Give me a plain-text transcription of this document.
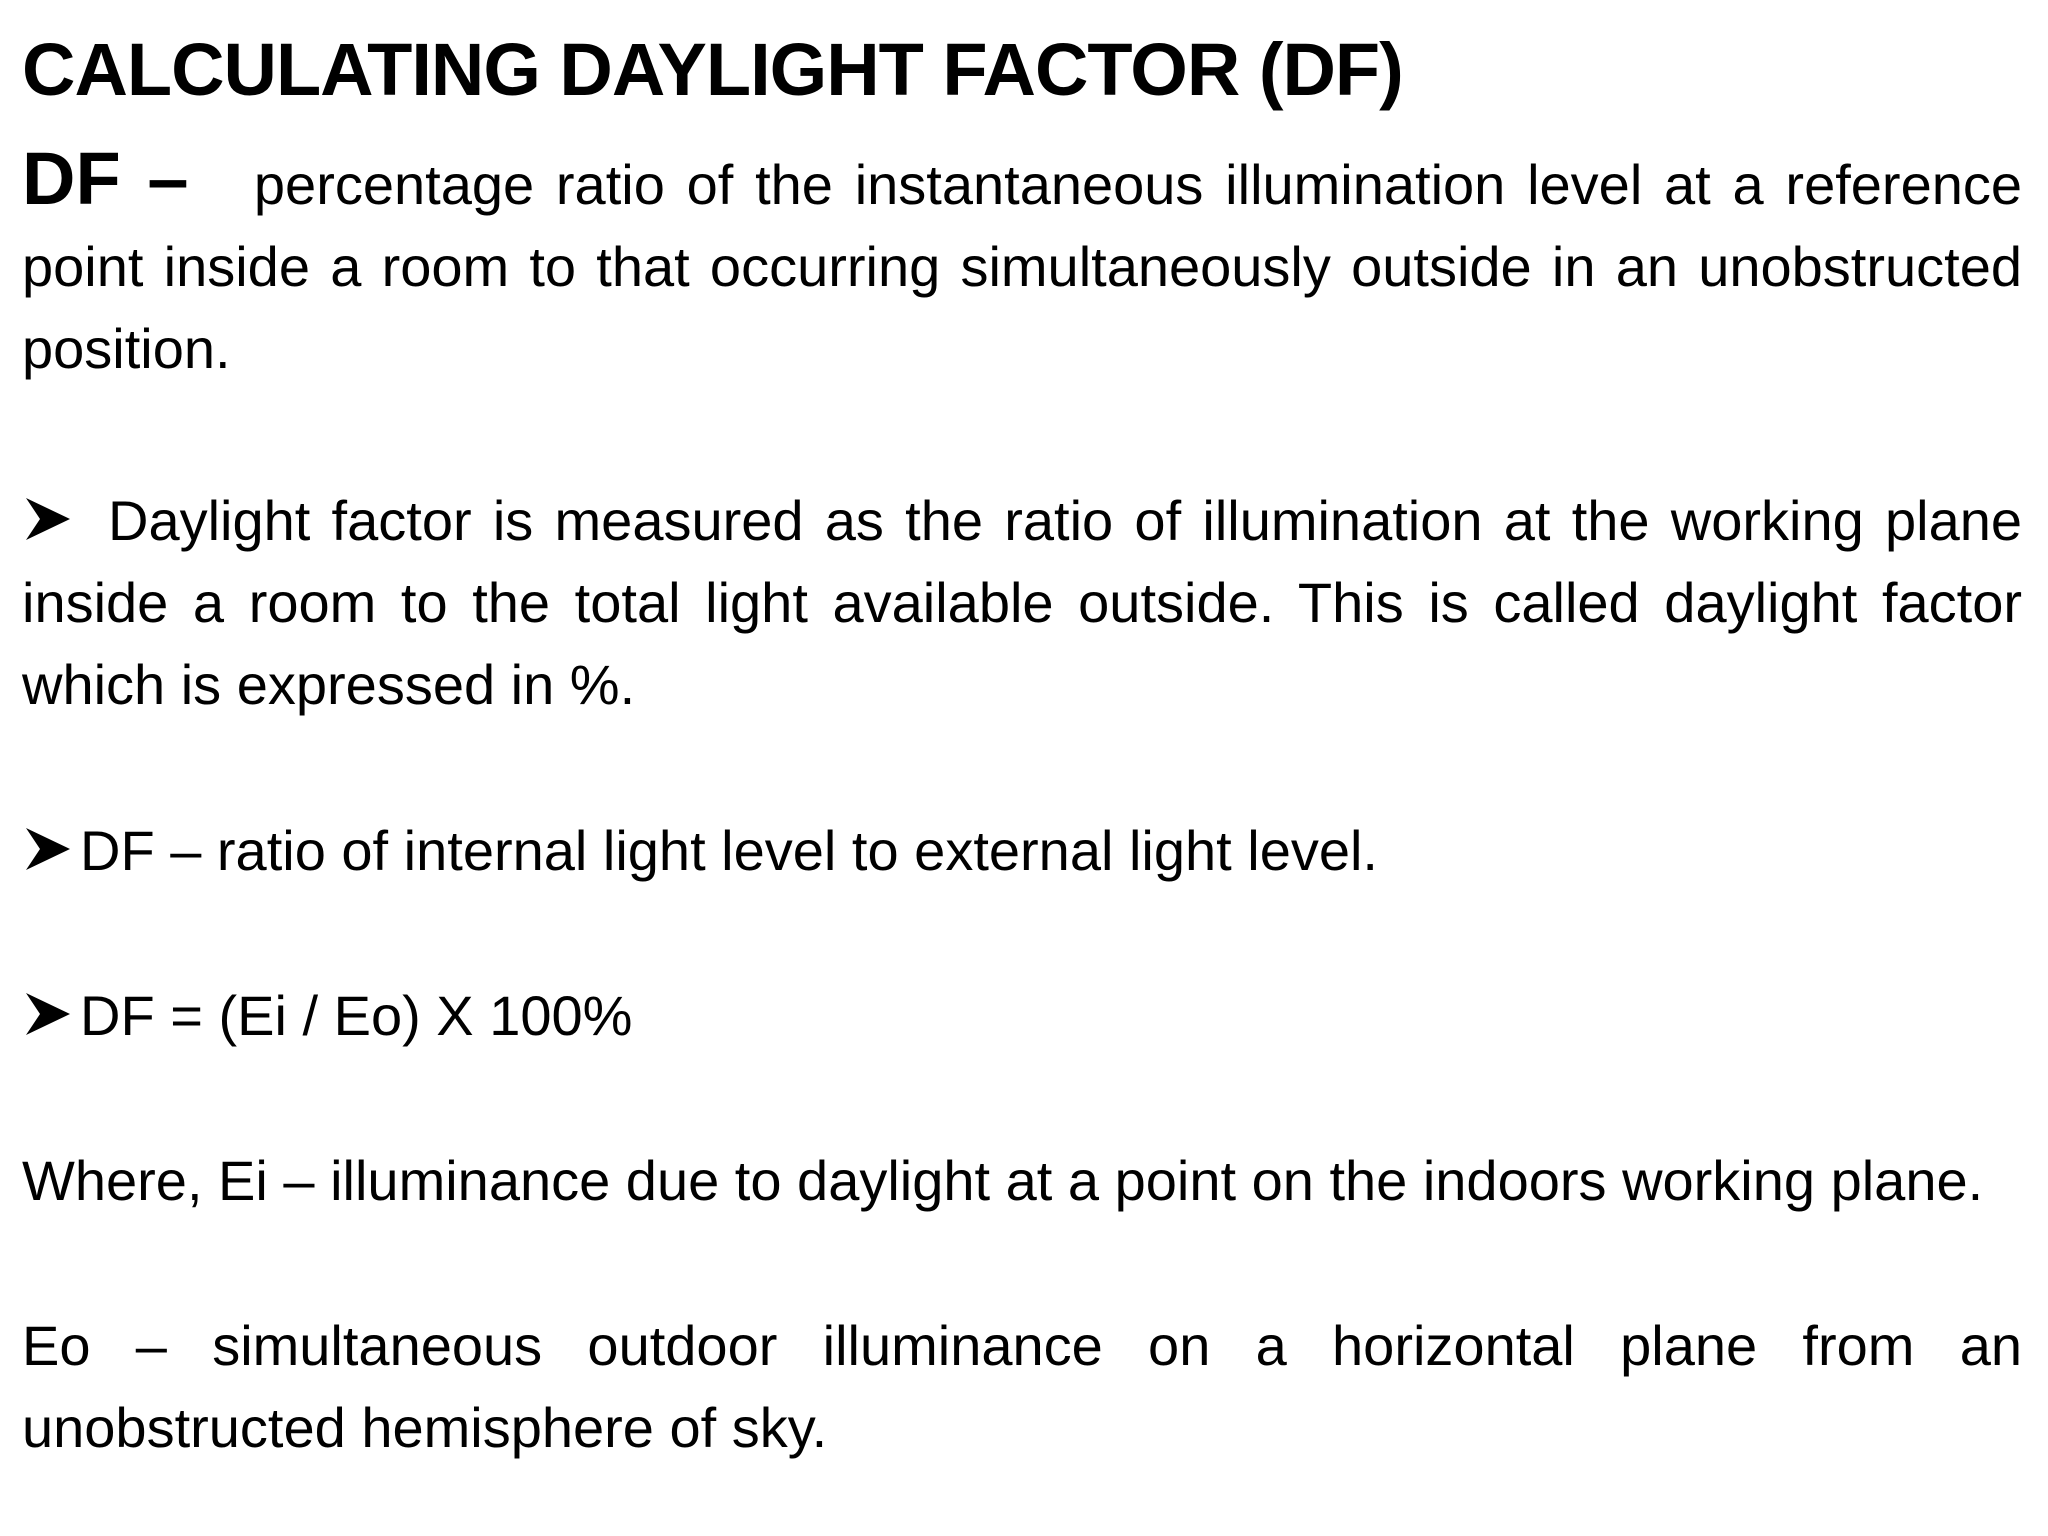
CALCULATING DAYLIGHT FACTOR (DF)

DF – percentage ratio of the instantaneous illumination level at a reference point inside a room to that occurring simultaneously outside in an unobstructed position.

Daylight factor is measured as the ratio of illumination at the working plane inside a room to the total light available outside. This is called daylight factor which is expressed in %.

DF – ratio of internal light level to external light level.

DF = (Ei / Eo) X 100%

Where, Ei – illuminance due to daylight at a point on the indoors working plane.

Eo – simultaneous outdoor illuminance on a horizontal plane from an unobstructed hemisphere of sky.
